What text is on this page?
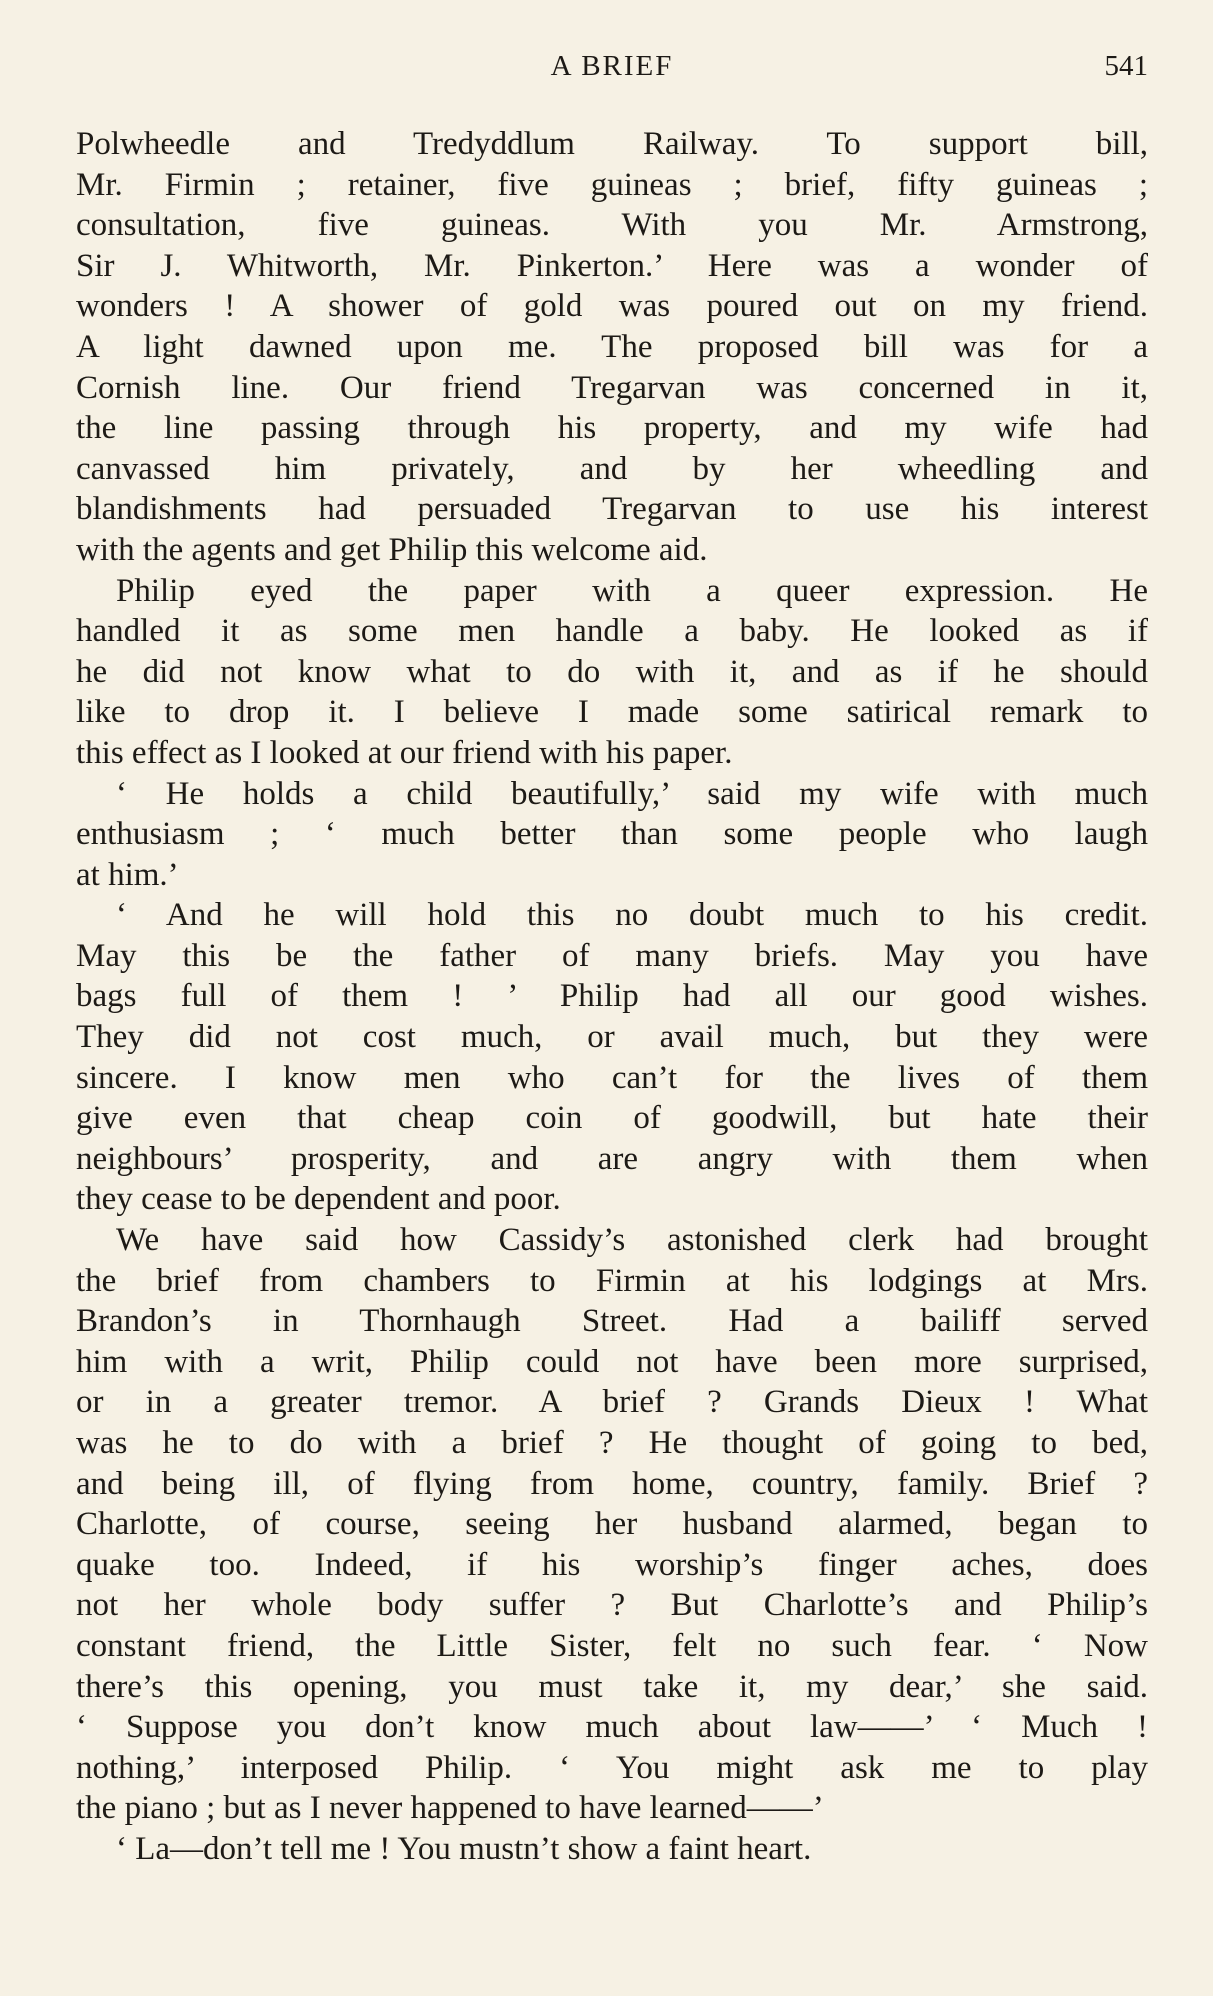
A BRIEF	541
Polwheedle and Tredyddlum Railway. To support bill,
Mr. Firmin ; retainer, five guineas ; brief, fifty guineas ;
consultation, five guineas. With you Mr. Armstrong,
Sir J. Whitworth, Mr. Pinkerton.’ Here was a wonder of
wonders ! A shower of gold was poured out on my friend.
A light dawned upon me. The proposed bill was for a
Cornish line. Our friend Tregarvan was concerned in it,
the line passing through his property, and my wife had
canvassed him privately, and by her wheedling and
blandishments had persuaded Tregarvan to use his interest
with the agents and get Philip this welcome aid.
Philip eyed the paper with a queer expression. He
handled it as some men handle a baby. He looked as if
he did not know what to do with it, and as if he should
like to drop it. I believe I made some satirical remark to
this effect as I looked at our friend with his paper.
‘ He holds a child beautifully,’ said my wife with much
enthusiasm ; ‘ much better than some people who laugh
at him.’
‘ And he will hold this no doubt much to his credit.
May this be the father of many briefs. May you have
bags full of them ! ’ Philip had all our good wishes.
They did not cost much, or avail much, but they were
sincere. I know men who can’t for the lives of them
give even that cheap coin of goodwill, but hate their
neighbours’ prosperity, and are angry with them when
they cease to be dependent and poor.
We have said how Cassidy’s astonished clerk had brought
the brief from chambers to Firmin at his lodgings at Mrs.
Brandon’s in Thornhaugh Street. Had a bailiff served
him with a writ, Philip could not have been more surprised,
or in a greater tremor. A brief ? Grands Dieux ! What
was he to do with a brief ? He thought of going to bed,
and being ill, of flying from home, country, family. Brief ?
Charlotte, of course, seeing her husband alarmed, began to
quake too. Indeed, if his worship’s finger aches, does
not her whole body suffer ? But Charlotte’s and Philip’s
constant friend, the Little Sister, felt no such fear. ‘ Now
there’s this opening, you must take it, my dear,’ she said.
‘ Suppose you don’t know much about law——’ ‘ Much !
nothing,’ interposed Philip. ‘ You might ask me to play
the piano ; but as I never happened to have learned——’
‘ La—don’t tell me ! You mustn’t show a faint heart.
